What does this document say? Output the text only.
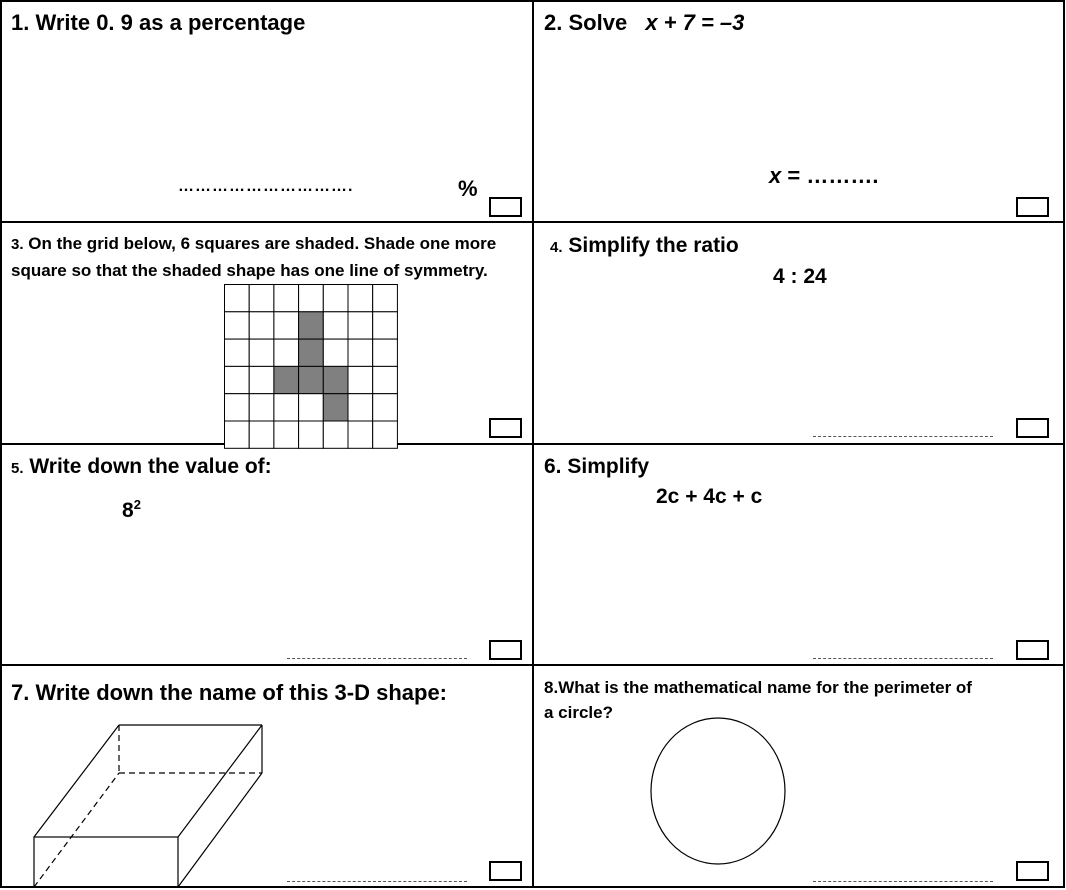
1. Write 0. 9 as a percentage
………………………….	%
2. Solve x + 7 = –3
x = ……….
3. On the grid below, 6 squares are shaded. Shade one more square so that the shaded shape has one line of symmetry.
4. Simplify the ratio
4 : 24
5. Write down the value of:
$8^2$
6. Simplify
2c + 4c + c
7. Write down the name of this 3-D shape:	8.What is the mathematical name for the perimeter of a circle?
